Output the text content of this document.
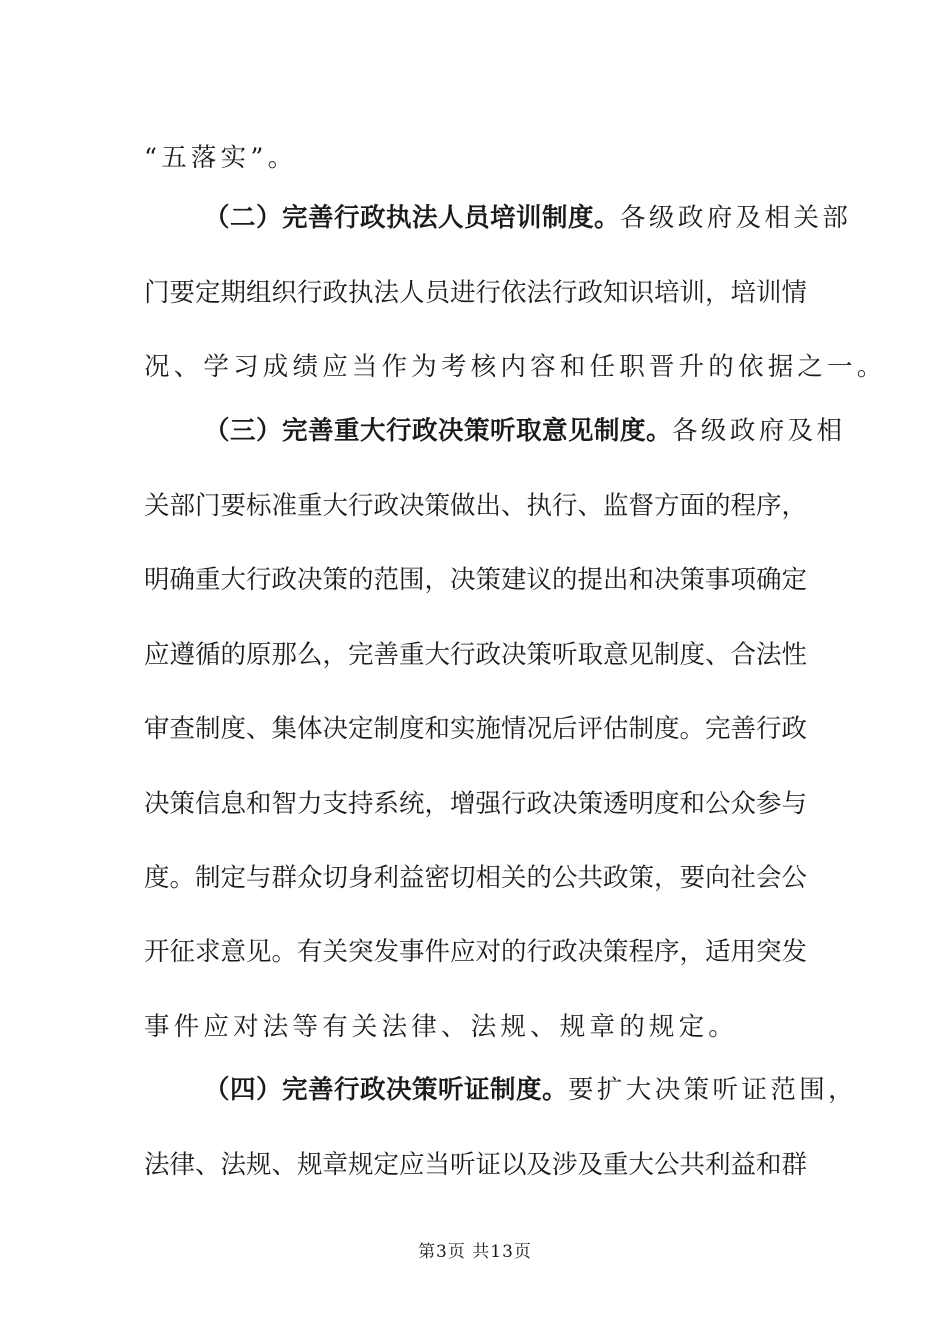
“五落实”。
（二）完善行政执法人员培训制度。各级政府及相关部
门要定期组织行政执法人员进行依法行政知识培训，培训情
况、学习成绩应当作为考核内容和任职晋升的依据之一。
（三）完善重大行政决策听取意见制度。各级政府及相
关部门要标准重大行政决策做出、执行、监督方面的程序，
明确重大行政决策的范围，决策建议的提出和决策事项确定
应遵循的原那么，完善重大行政决策听取意见制度、合法性
审查制度、集体决定制度和实施情况后评估制度。完善行政
决策信息和智力支持系统，增强行政决策透明度和公众参与
度。制定与群众切身利益密切相关的公共政策，要向社会公
开征求意见。有关突发事件应对的行政决策程序，适用突发
事件应对法等有关法律、法规、规章的规定。
（四）完善行政决策听证制度。要扩大决策听证范围，
法律、法规、规章规定应当听证以及涉及重大公共利益和群
第3页 共13页
